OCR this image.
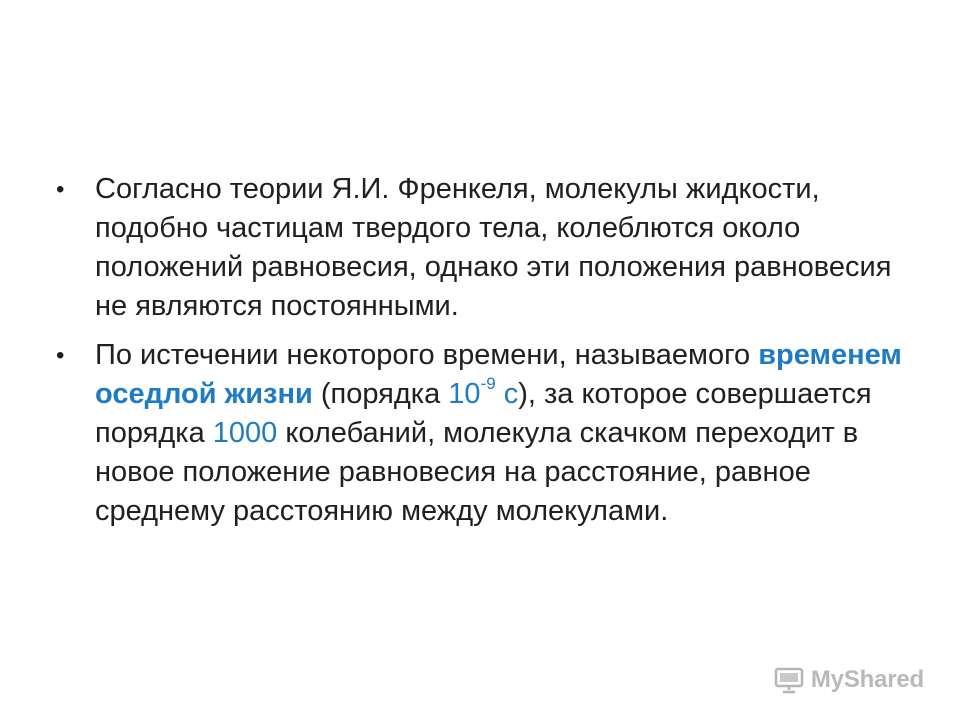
• Согласно теории Я.И. Френкеля, молекулы жидкости, подобно частицам твердого тела, колеблются около положений равновесия, однако эти положения равновесия не являются постоянными.
• По истечении некоторого времени, называемого временем оседлой жизни (порядка $10^{-9}$ с), за которое совершается порядка 1000 колебаний, молекула скачком переходит в новое положение равновесия на расстояние, равное среднему расстоянию между молекулами.
MyShared
